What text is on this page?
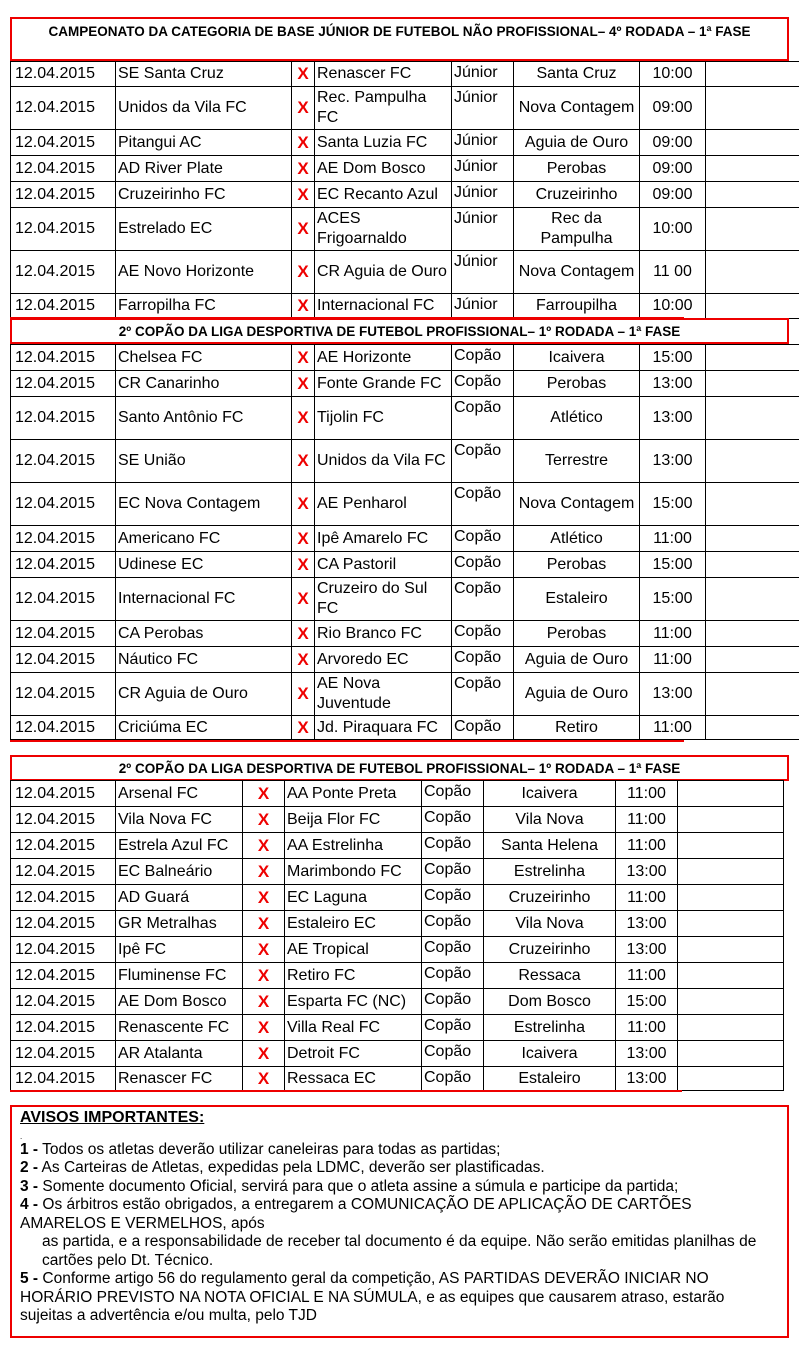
CAMPEONATO DA CATEGORIA DE BASE JÚNIOR DE FUTEBOL NÃO PROFISSIONAL– 4º RODADA – 1ª FASE
12.04.2015	SE Santa Cruz	X	Renascer FC	Júnior	Santa Cruz	10:00	
12.04.2015	Unidos da Vila FC	X	Rec. Pampulha FC	Júnior	Nova Contagem	09:00	
12.04.2015	Pitangui AC	X	Santa Luzia FC	Júnior	Aguia de Ouro	09:00	
12.04.2015	AD River Plate	X	AE Dom Bosco	Júnior	Perobas	09:00	
12.04.2015	Cruzeirinho FC	X	EC Recanto Azul	Júnior	Cruzeirinho	09:00	
12.04.2015	Estrelado EC	X	ACES Frigoarnaldo	Júnior	Rec da Pampulha	10:00	
12.04.2015	AE Novo Horizonte	X	CR Aguia de Ouro	Júnior	Nova Contagem	11 00	
12.04.2015	Farropilha FC	X	Internacional FC	Júnior	Farroupilha	10:00	
2º COPÃO DA LIGA DESPORTIVA DE FUTEBOL PROFISSIONAL– 1º RODADA – 1ª FASE
12.04.2015	Chelsea FC	X	AE Horizonte	Copão	Icaivera	15:00	
12.04.2015	CR Canarinho	X	Fonte Grande FC	Copão	Perobas	13:00	
12.04.2015	Santo Antônio FC	X	Tijolin FC	Copão	Atlético	13:00	
12.04.2015	SE União	X	Unidos da Vila FC	Copão	Terrestre	13:00	
12.04.2015	EC Nova Contagem	X	AE Penharol	Copão	Nova Contagem	15:00	
12.04.2015	Americano FC	X	Ipê Amarelo FC	Copão	Atlético	11:00	
12.04.2015	Udinese EC	X	CA Pastoril	Copão	Perobas	15:00	
12.04.2015	Internacional FC	X	Cruzeiro do Sul FC	Copão	Estaleiro	15:00	
12.04.2015	CA Perobas	X	Rio Branco FC	Copão	Perobas	11:00	
12.04.2015	Náutico FC	X	Arvoredo EC	Copão	Aguia de Ouro	11:00	
12.04.2015	CR Aguia de Ouro	X	AE Nova Juventude	Copão	Aguia de Ouro	13:00	
12.04.2015	Criciúma EC	X	Jd. Piraquara FC	Copão	Retiro	11:00	
2º COPÃO DA LIGA DESPORTIVA DE FUTEBOL PROFISSIONAL– 1º RODADA – 1ª FASE
12.04.2015	Arsenal FC	X	AA Ponte Preta	Copão	Icaivera	11:00	
12.04.2015	Vila Nova FC	X	Beija Flor FC	Copão	Vila Nova	11:00	
12.04.2015	Estrela Azul FC	X	AA Estrelinha	Copão	Santa Helena	11:00	
12.04.2015	EC Balneário	X	Marimbondo FC	Copão	Estrelinha	13:00	
12.04.2015	AD Guará	X	EC Laguna	Copão	Cruzeirinho	11:00	
12.04.2015	GR Metralhas	X	Estaleiro EC	Copão	Vila Nova	13:00	
12.04.2015	Ipê FC	X	AE Tropical	Copão	Cruzeirinho	13:00	
12.04.2015	Fluminense FC	X	Retiro FC	Copão	Ressaca	11:00	
12.04.2015	AE Dom Bosco	X	Esparta FC (NC)	Copão	Dom Bosco	15:00	
12.04.2015	Renascente FC	X	Villa Real FC	Copão	Estrelinha	11:00	
12.04.2015	AR Atalanta	X	Detroit FC	Copão	Icaivera	13:00	
12.04.2015	Renascer FC	X	Ressaca EC	Copão	Estaleiro	13:00	
AVISOS IMPORTANTES:
.

1 - Todos os atletas deverão utilizar caneleiras para todas as partidas;

2 - As Carteiras de Atletas, expedidas pela LDMC, deverão ser plastificadas.

3 - Somente documento Oficial, servirá para que o atleta assine a súmula e participe da partida;

4 - Os árbitros estão obrigados, a entregarem a COMUNICAÇÃO DE APLICAÇÃO DE CARTÕES AMARELOS E VERMELHOS, após

as partida, e a responsabilidade de receber tal documento é da equipe. Não serão emitidas planilhas de cartões pelo Dt. Técnico.

5 - Conforme artigo 56 do regulamento geral da competição, AS PARTIDAS DEVERÃO INICIAR NO HORÁRIO PREVISTO NA NOTA OFICIAL E NA SÚMULA, e as equipes que causarem atraso, estarão sujeitas a advertência e/ou multa, pelo TJD
